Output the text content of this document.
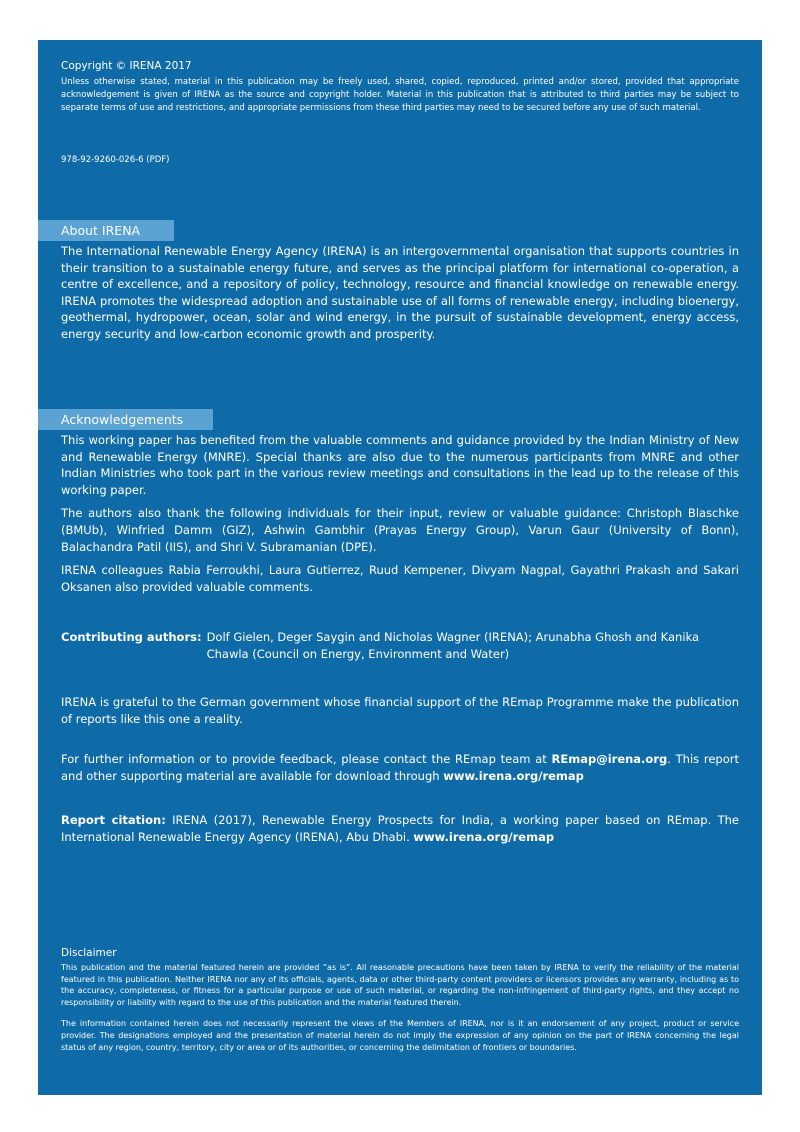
Copyright © IRENA 2017

Unless otherwise stated, material in this publication may be freely used, shared, copied, reproduced, printed and/or stored, provided that appropriate acknowledgement is given of IRENA as the source and copyright holder. Material in this publication that is attributed to third parties may be subject to separate terms of use and restrictions, and appropriate permissions from these third parties may need to be secured before any use of such material.

978-92-9260-026-6 (PDF)

About IRENA

The International Renewable Energy Agency (IRENA) is an intergovernmental organisation that supports countries in their transition to a sustainable energy future, and serves as the principal platform for international co-operation, a centre of excellence, and a repository of policy, technology, resource and financial knowledge on renewable energy. IRENA promotes the widespread adoption and sustainable use of all forms of renewable energy, including bioenergy, geothermal, hydropower, ocean, solar and wind energy, in the pursuit of sustainable development, energy access, energy security and low-carbon economic growth and prosperity.

Acknowledgements

This working paper has benefited from the valuable comments and guidance provided by the Indian Ministry of New and Renewable Energy (MNRE). Special thanks are also due to the numerous participants from MNRE and other Indian Ministries who took part in the various review meetings and consultations in the lead up to the release of this working paper.

The authors also thank the following individuals for their input, review or valuable guidance: Christoph Blaschke (BMUb), Winfried Damm (GIZ), Ashwin Gambhir (Prayas Energy Group), Varun Gaur (University of Bonn), Balachandra Patil (IIS), and Shri V. Subramanian (DPE).

IRENA colleagues Rabia Ferroukhi, Laura Gutierrez, Ruud Kempener, Divyam Nagpal, Gayathri Prakash and Sakari Oksanen also provided valuable comments.

Contributing authors: Dolf Gielen, Deger Saygin and Nicholas Wagner (IRENA); Arunabha Ghosh and Kanika Chawla (Council on Energy, Environment and Water)

IRENA is grateful to the German government whose financial support of the REmap Programme make the publication of reports like this one a reality.

For further information or to provide feedback, please contact the REmap team at REmap@irena.org. This report and other supporting material are available for download through www.irena.org/remap

Report citation: IRENA (2017), Renewable Energy Prospects for India, a working paper based on REmap. The International Renewable Energy Agency (IRENA), Abu Dhabi. www.irena.org/remap

Disclaimer

This publication and the material featured herein are provided “as is”. All reasonable precautions have been taken by IRENA to verify the reliability of the material featured in this publication. Neither IRENA nor any of its officials, agents, data or other third-party content providers or licensors provides any warranty, including as to the accuracy, completeness, or fitness for a particular purpose or use of such material, or regarding the non-infringement of third-party rights, and they accept no responsibility or liability with regard to the use of this publication and the material featured therein.

The information contained herein does not necessarily represent the views of the Members of IRENA, nor is it an endorsement of any project, product or service provider. The designations employed and the presentation of material herein do not imply the expression of any opinion on the part of IRENA concerning the legal status of any region, country, territory, city or area or of its authorities, or concerning the delimitation of frontiers or boundaries.
